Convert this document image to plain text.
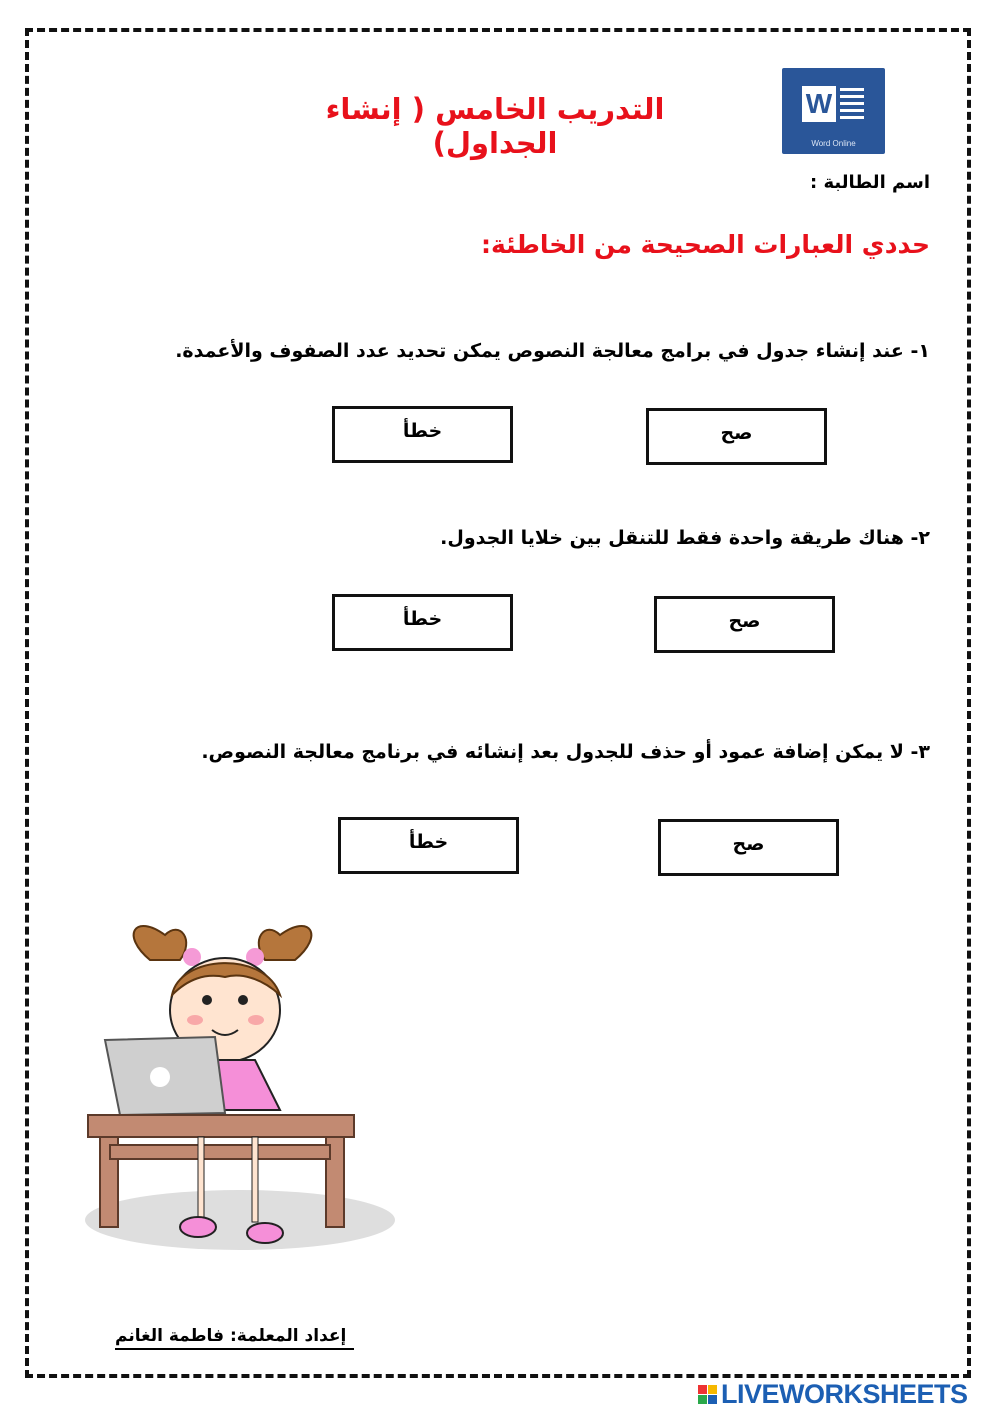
التدريب الخامس ( إنشاء الجداول)
W
Word Online
اسم الطالبة :
حددي العبارات الصحيحة من الخاطئة:
١- عند إنشاء جدول في برامج معالجة النصوص يمكن تحديد عدد الصفوف والأعمدة.
خطأ	صح
٢- هناك طريقة واحدة فقط للتنقل بين خلايا الجدول.
خطأ	صح
٣- لا يمكن إضافة عمود أو حذف للجدول بعد إنشائه في برنامج معالجة النصوص.
خطأ	صح
إعداد المعلمة: فاطمة الغانم
LIVEWORKSHEETS
